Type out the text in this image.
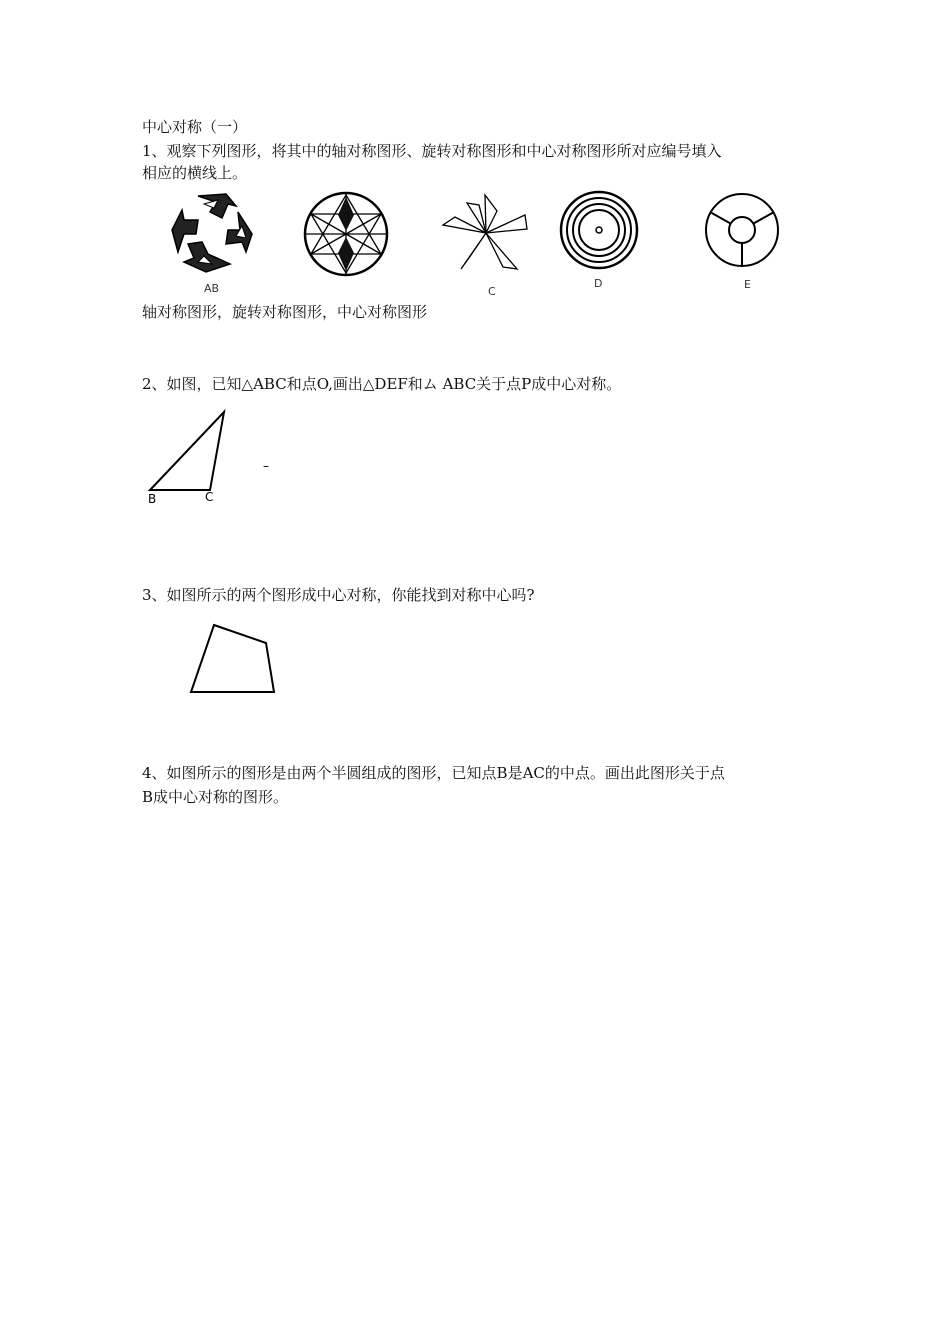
中心对称（一）
1、观察下列图形，将其中的轴对称图形、旋转对称图形和中心对称图形所对应编号填入
相应的横线上。
AB	C
D	E
轴对称图形，旋转对称图形，中心对称图形
2、如图，已知△ABC和点O,画出△DEF和ム ABC关于点P成中心对称。
B	C
–
3、如图所示的两个图形成中心对称，你能找到对称中心吗?
4、如图所示的图形是由两个半圆组成的图形，已知点B是AC的中点。画出此图形关于点
B成中心对称的图形。
